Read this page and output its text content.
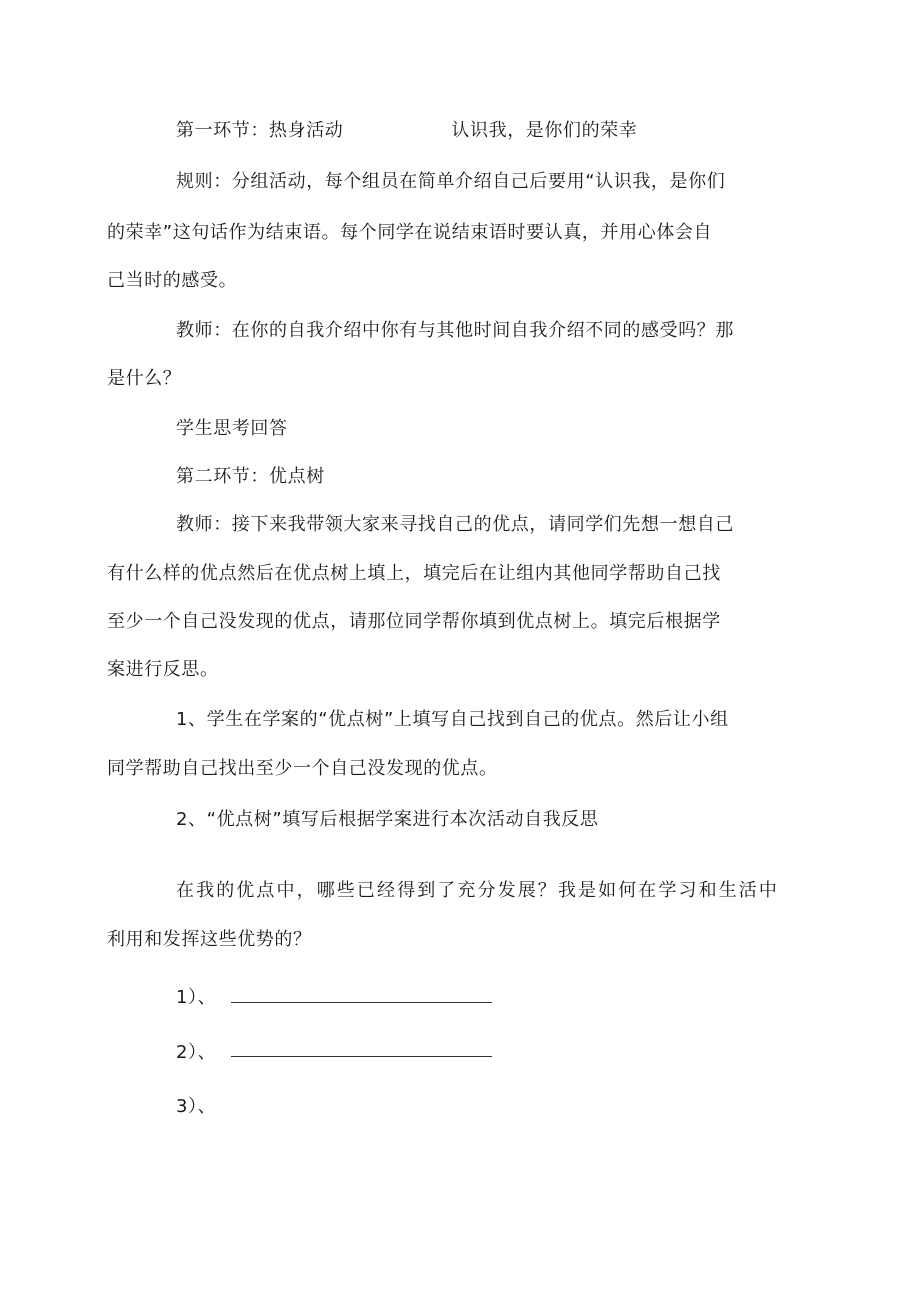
第一环节：热身活动	认识我，是你们的荣幸
规则：分组活动，每个组员在简单介绍自己后要用“认识我，是你们
的荣幸”这句话作为结束语。每个同学在说结束语时要认真，并用心体会自
己当时的感受。
教师：在你的自我介绍中你有与其他时间自我介绍不同的感受吗？那
是什么？
学生思考回答
第二环节：优点树
教师：接下来我带领大家来寻找自己的优点，请同学们先想一想自己
有什么样的优点然后在优点树上填上，填完后在让组内其他同学帮助自己找
至少一个自己没发现的优点，请那位同学帮你填到优点树上。填完后根据学
案进行反思。
1、学生在学案的“优点树”上填写自己找到自己的优点。然后让小组
同学帮助自己找出至少一个自己没发现的优点。
2、“优点树”填写后根据学案进行本次活动自我反思
在我的优点中，哪些已经得到了充分发展？我是如何在学习和生活中
利用和发挥这些优势的？
1）、
2）、
3）、
